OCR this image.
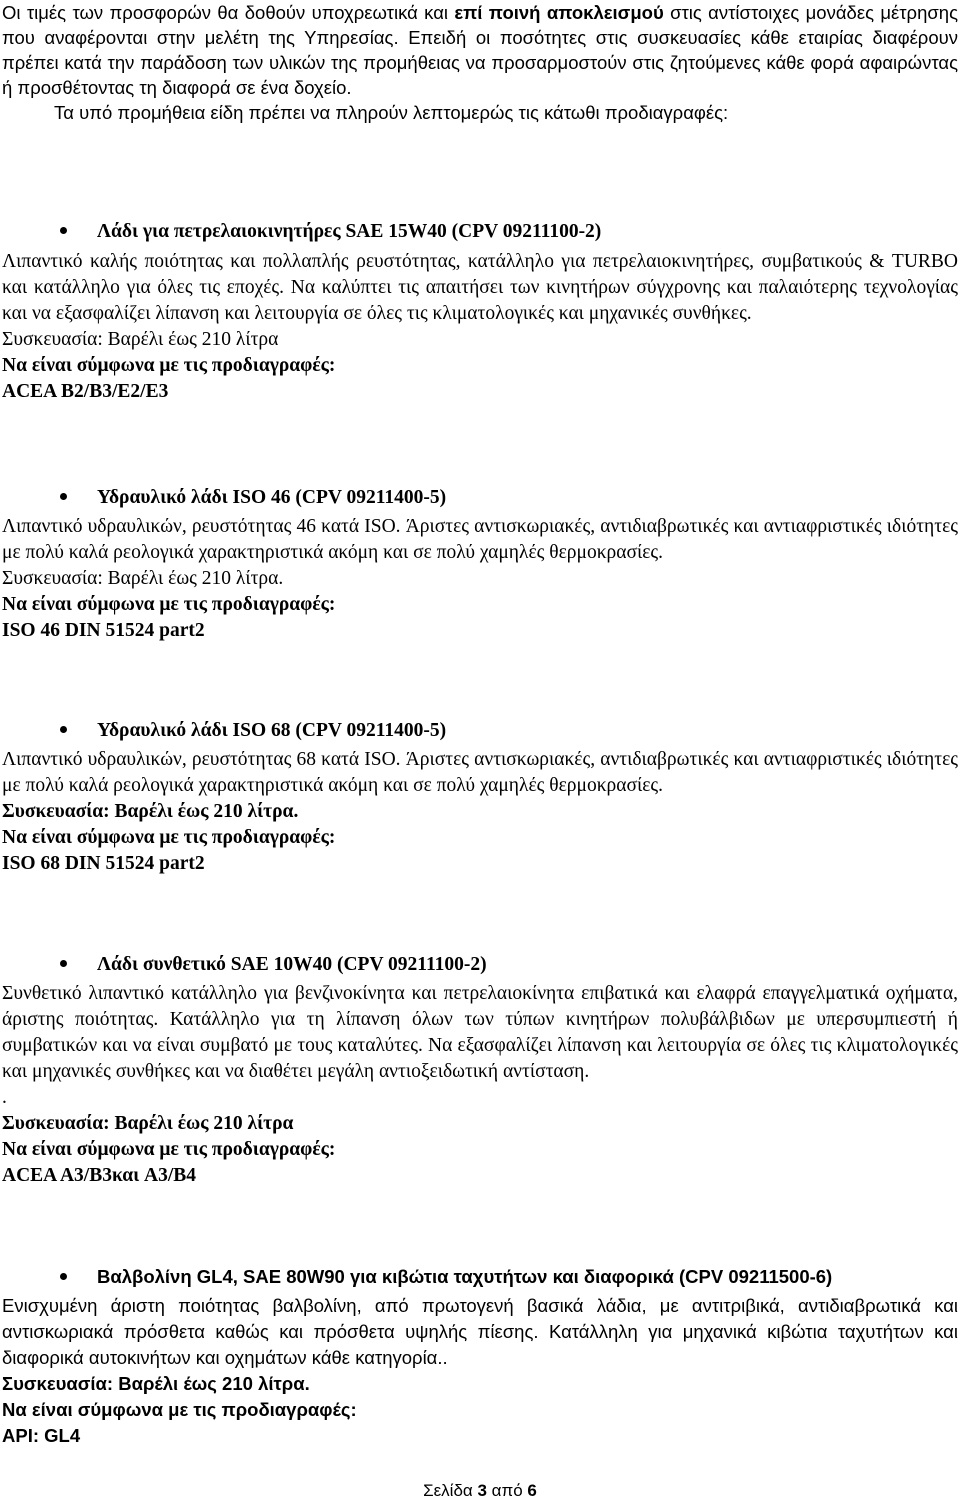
Οι τιμές των προσφορών θα δοθούν υποχρεωτικά και επί ποινή αποκλεισμού στις αντίστοιχες μονάδες μέτρησης που αναφέρονται στην μελέτη της Υπηρεσίας. Επειδή οι ποσότητες στις συσκευασίες κάθε εταιρίας διαφέρουν πρέπει κατά την παράδοση των υλικών της προμήθειας να προσαρμοστούν στις ζητούμενες κάθε φορά αφαιρώντας ή προσθέτοντας τη διαφορά σε ένα δοχείο.

Τα υπό προμήθεια είδη πρέπει να πληρούν λεπτομερώς τις κάτωθι προδιαγραφές:

Λάδι για πετρελαιοκινητήρες SAE 15W40 (CPV 09211100-2)

Λιπαντικό καλής ποιότητας και πολλαπλής ρευστότητας, κατάλληλο για πετρελαιοκινητήρες, συμβατικούς & TURBO και κατάλληλο για όλες τις εποχές. Να καλύπτει τις απαιτήσει των κινητήρων σύγχρονης και παλαιότερης τεχνολογίας και να εξασφαλίζει λίπανση και λειτουργία σε όλες τις κλιματολογικές και μηχανικές συνθήκες.

Συσκευασία: Βαρέλι έως 210 λίτρα

Να είναι σύμφωνα με τις προδιαγραφές:

ACEA B2/B3/E2/E3

Υδραυλικό λάδι ISO 46 (CPV 09211400-5)

Λιπαντικό υδραυλικών, ρευστότητας 46 κατά ISO. Άριστες αντισκωριακές, αντιδιαβρωτικές και αντιαφριστικές ιδιότητες με πολύ καλά ρεολογικά χαρακτηριστικά ακόμη και σε πολύ χαμηλές θερμοκρασίες.

Συσκευασία: Βαρέλι έως 210 λίτρα.

Να είναι σύμφωνα με τις προδιαγραφές:

ISO 46 DIN 51524 part2

Υδραυλικό λάδι ISO 68 (CPV 09211400-5)

Λιπαντικό υδραυλικών, ρευστότητας 68 κατά ISO. Άριστες αντισκωριακές, αντιδιαβρωτικές και αντιαφριστικές ιδιότητες με πολύ καλά ρεολογικά χαρακτηριστικά ακόμη και σε πολύ χαμηλές θερμοκρασίες.

Συσκευασία: Βαρέλι έως 210 λίτρα.

Να είναι σύμφωνα με τις προδιαγραφές:

ISO 68 DIN 51524 part2

Λάδι συνθετικό SAE 10W40 (CPV 09211100-2)

Συνθετικό λιπαντικό κατάλληλο για βενζινοκίνητα και πετρελαιοκίνητα επιβατικά και ελαφρά επαγγελματικά οχήματα, άριστης ποιότητας. Κατάλληλο για τη λίπανση όλων των τύπων κινητήρων πολυβάλβιδων με υπερσυμπιεστή ή συμβατικών και να είναι συμβατό με τους καταλύτες. Να εξασφαλίζει λίπανση και λειτουργία σε όλες τις κλιματολογικές και μηχανικές συνθήκες και να διαθέτει μεγάλη αντιοξειδωτική αντίσταση.

.

Συσκευασία: Βαρέλι έως 210 λίτρα

Να είναι σύμφωνα με τις προδιαγραφές:

ACEA A3/B3και A3/B4

Βαλβολίνη GL4, SAE 80W90 για κιβώτια ταχυτήτων και διαφορικά (CPV 09211500-6)

Ενισχυμένη άριστη ποιότητας βαλβολίνη, από πρωτογενή βασικά λάδια, με αντιτριβικά, αντιδιαβρωτικά και αντισκωριακά πρόσθετα καθώς και πρόσθετα υψηλής πίεσης. Κατάλληλη για μηχανικά κιβώτια ταχυτήτων και διαφορικά αυτοκινήτων και οχημάτων κάθε κατηγορία..

Συσκευασία: Βαρέλι έως 210 λίτρα.

Να είναι σύμφωνα με τις προδιαγραφές:

API: GL4

Σελίδα 3 από 6
